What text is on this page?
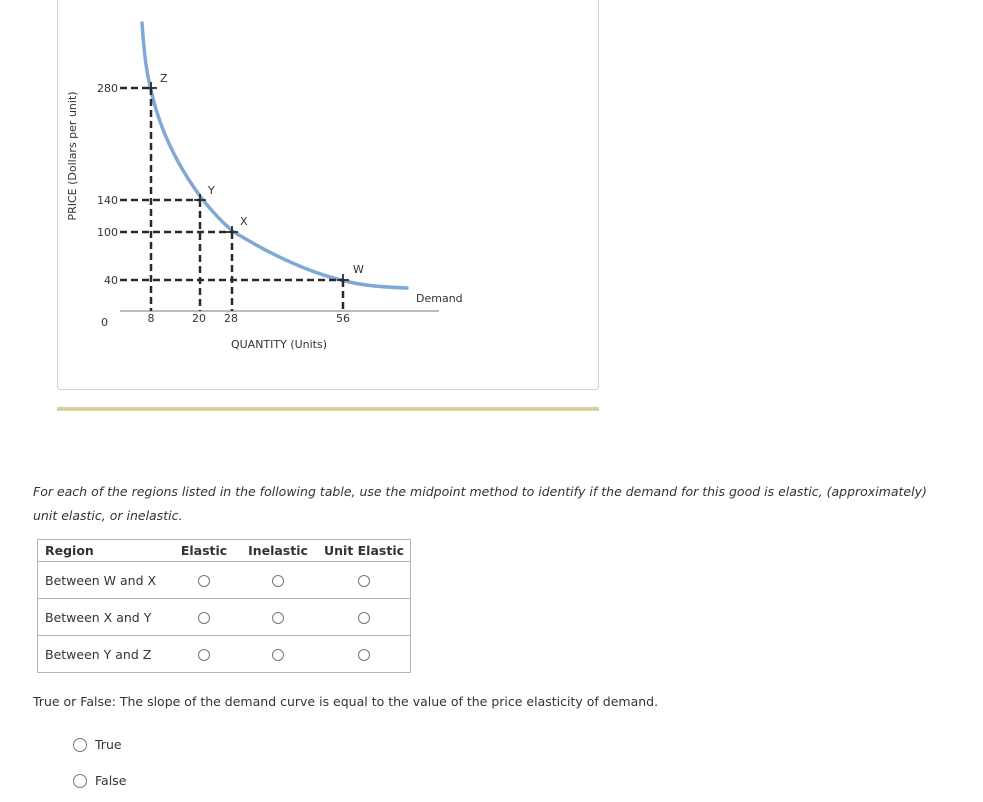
PRICE (Dollars per unit)
Z
Y
X
W
280
140
100
40
0	8	20 28	56
QUANTITY (Units)
Demand
For each of the regions listed in the following table, use the midpoint method to identify if the demand for this good is elastic, (approximately) unit elastic, or inelastic.
Region	Elastic	Inelastic	Unit Elastic
Between W and X			
Between X and Y			
Between Y and Z			
True or False: The slope of the demand curve is equal to the value of the price elasticity of demand.
True
False
